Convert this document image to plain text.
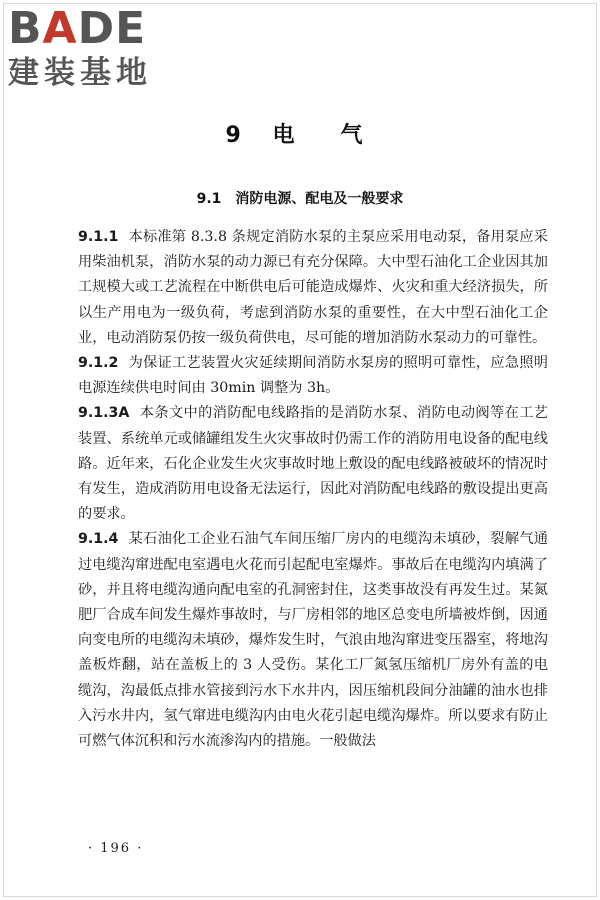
BADE
建装基地
9 电　气
9.1 消防电源、配电及一般要求

9.1.1 本标准第 8.3.8 条规定消防水泵的主泵应采用电动泵，备用泵应采用柴油机泵，消防水泵的动力源已有充分保障。大中型石油化工企业因其加工规模大或工艺流程在中断供电后可能造成爆炸、火灾和重大经济损失，所以生产用电为一级负荷，考虑到消防水泵的重要性，在大中型石油化工企业，电动消防泵仍按一级负荷供电，尽可能的增加消防水泵动力的可靠性。

9.1.2 为保证工艺装置火灾延续期间消防水泵房的照明可靠性，应急照明电源连续供电时间由 30min 调整为 3h。

9.1.3A 本条文中的消防配电线路指的是消防水泵、消防电动阀等在工艺装置、系统单元或储罐组发生火灾事故时仍需工作的消防用电设备的配电线路。近年来，石化企业发生火灾事故时地上敷设的配电线路被破坏的情况时有发生，造成消防用电设备无法运行，因此对消防配电线路的敷设提出更高的要求。

9.1.4 某石油化工企业石油气车间压缩厂房内的电缆沟未填砂，裂解气通过电缆沟窜进配电室遇电火花而引起配电室爆炸。事故后在电缆沟内填满了砂，并且将电缆沟通向配电室的孔洞密封住，这类事故没有再发生过。某氮肥厂合成车间发生爆炸事故时，与厂房相邻的地区总变电所墙被炸倒，因通向变电所的电缆沟未填砂，爆炸发生时，气浪由地沟窜进变压器室，将地沟盖板炸翻，站在盖板上的 3 人受伤。某化工厂氮氢压缩机厂房外有盖的电缆沟，沟最低点排水管接到污水下水井内，因压缩机段间分油罐的油水也排入污水井内，氢气窜进电缆沟内由电火花引起电缆沟爆炸。所以要求有防止可燃气体沉积和污水流渗沟内的措施。一般做法

· 196 ·
